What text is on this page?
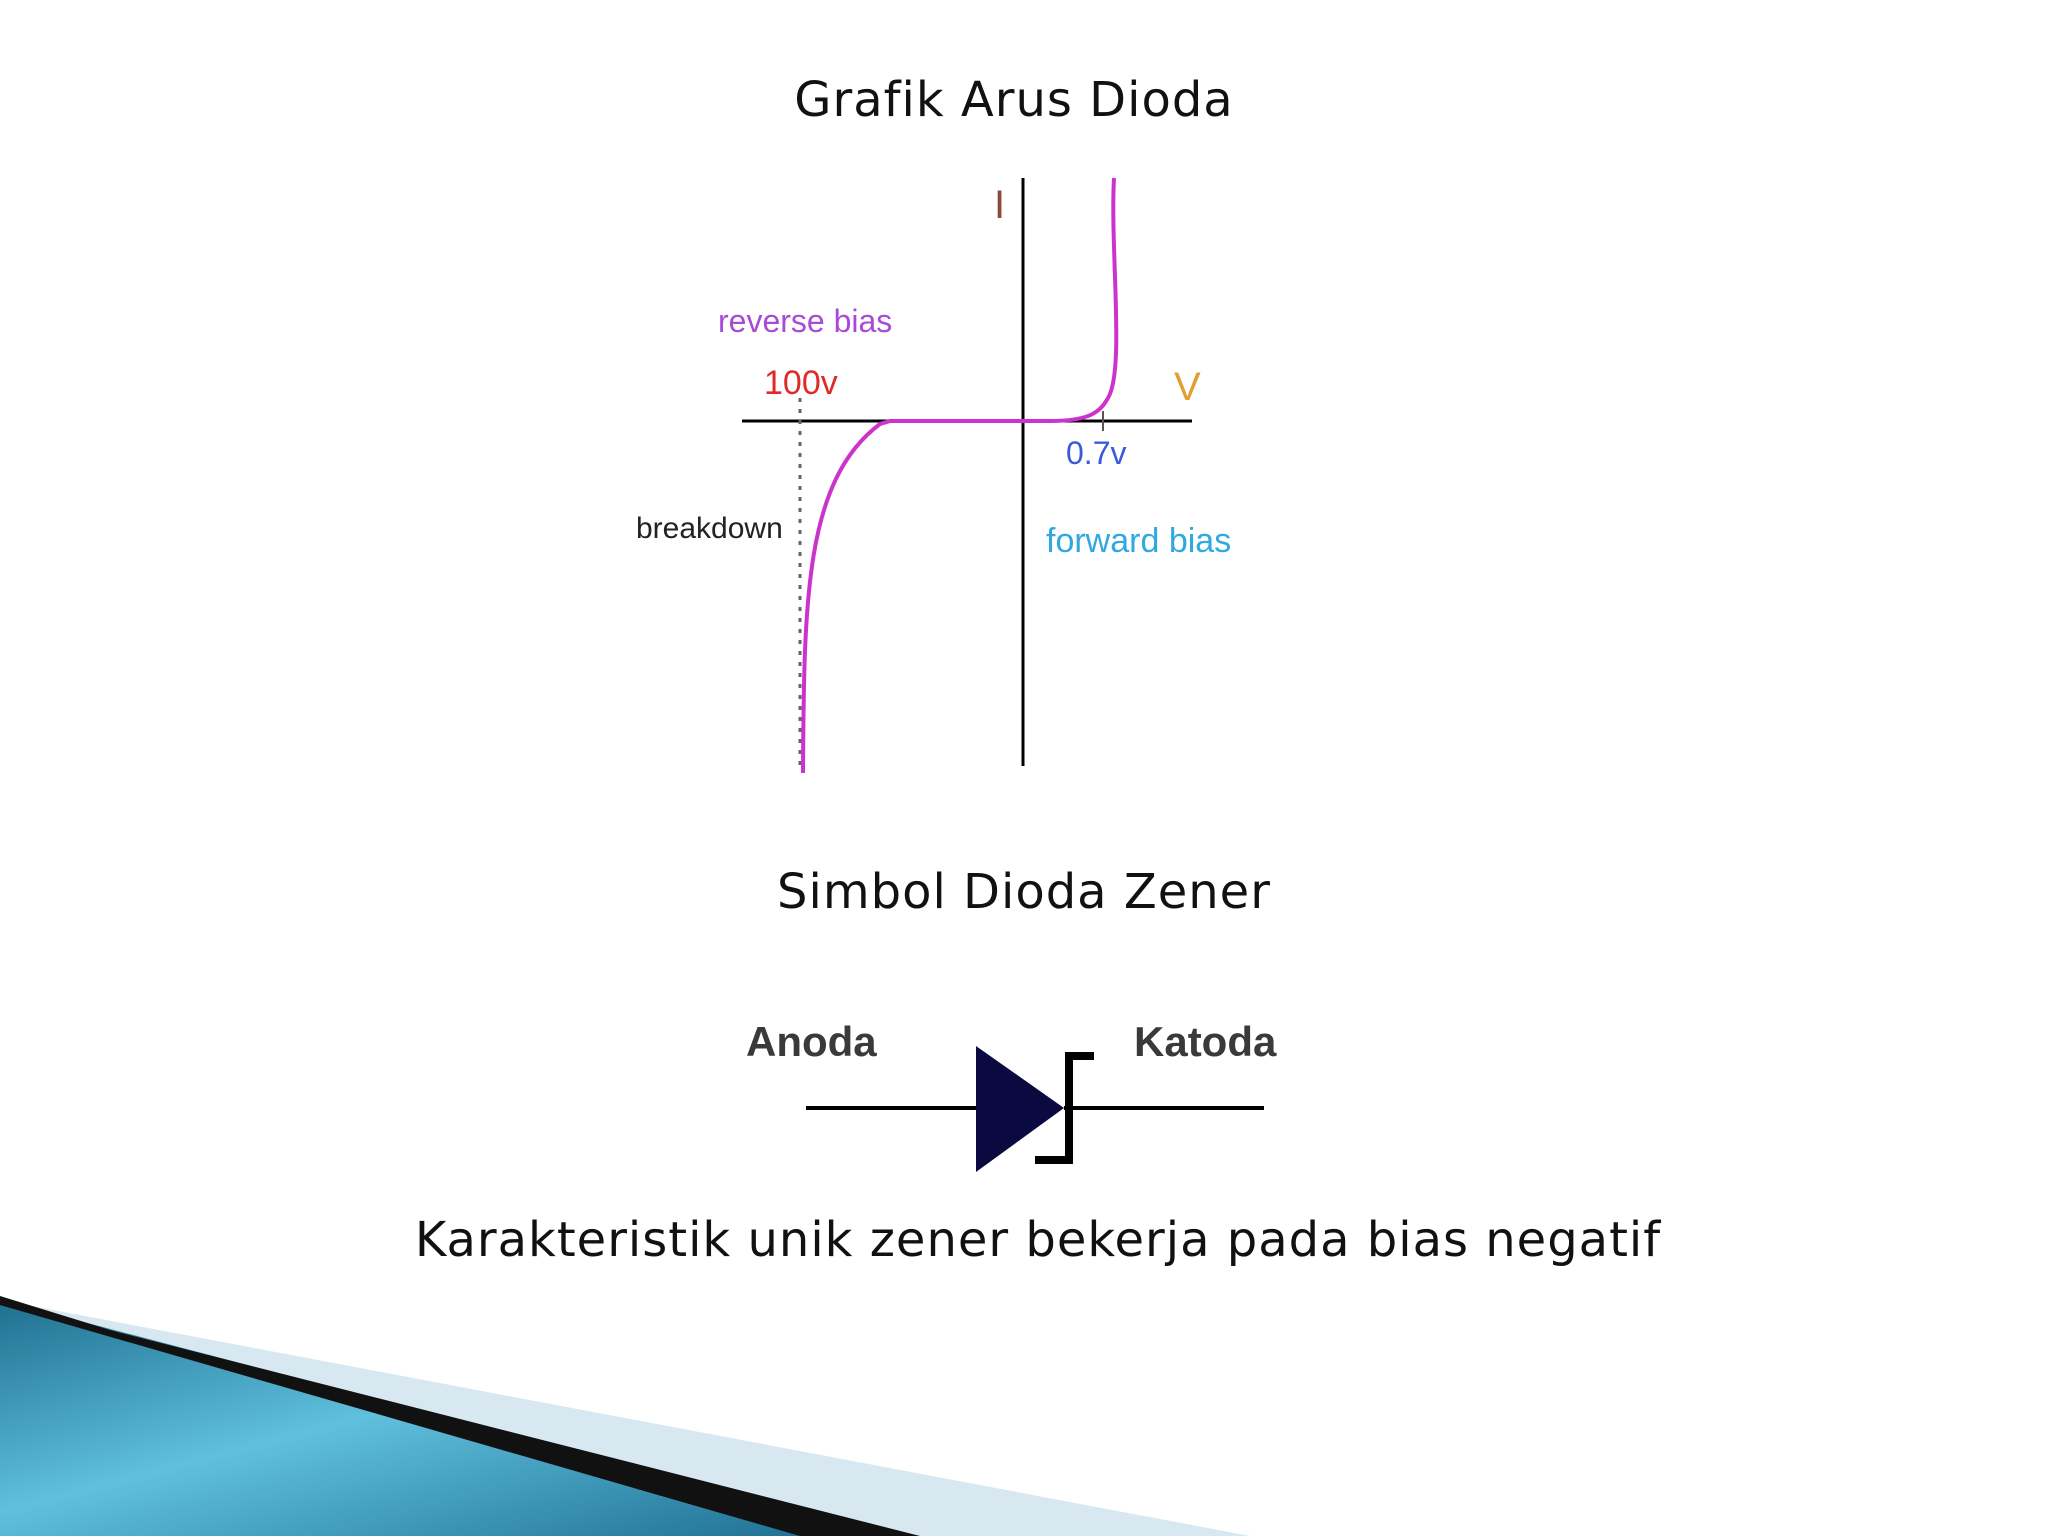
Grafik Arus Dioda
I
V
reverse bias
100v
0.7v
breakdown	forward bias
Simbol Dioda Zener
Anoda	Katoda
Karakteristik unik zener bekerja pada bias negatif
